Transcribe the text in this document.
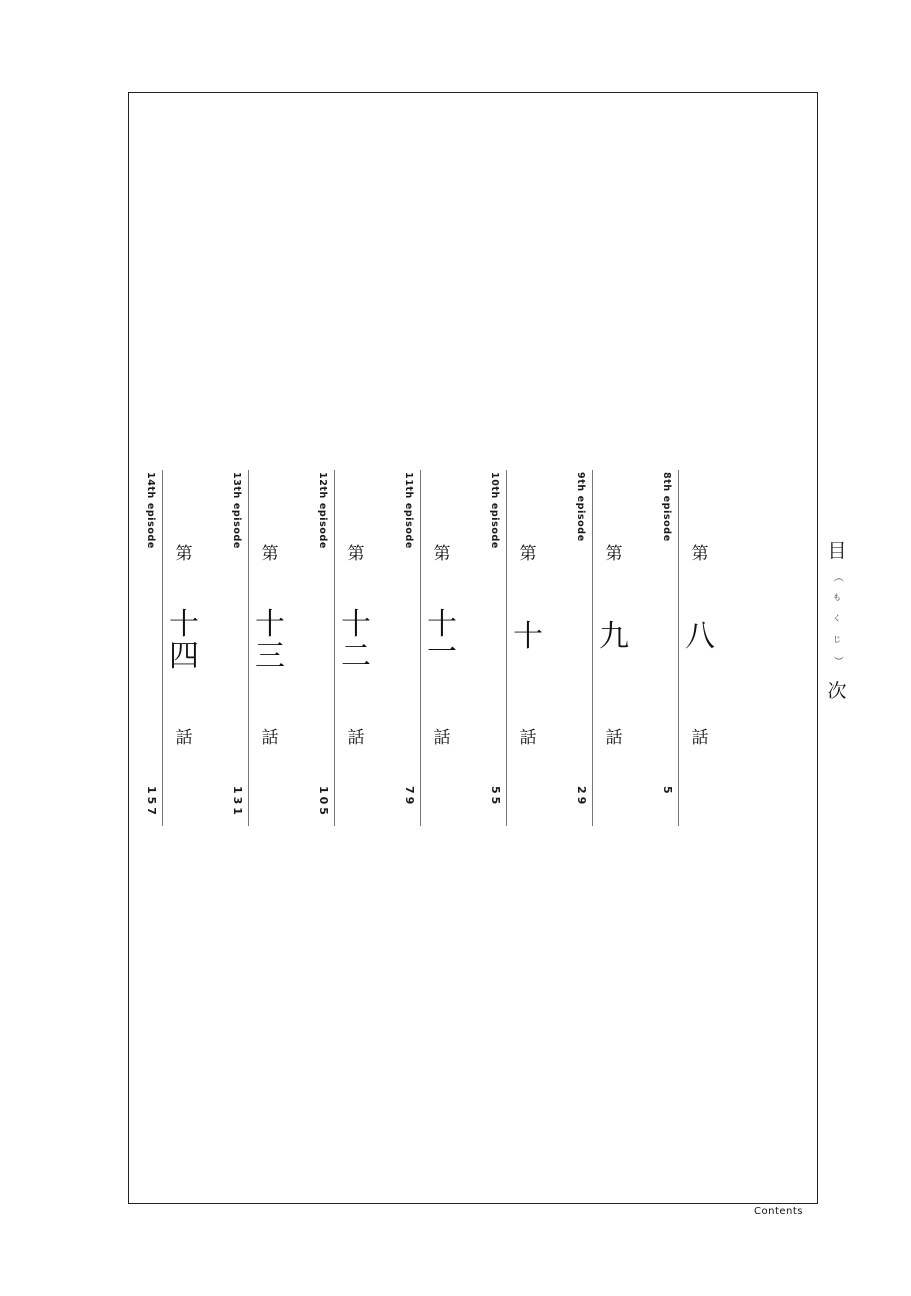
目
（
も
く
じ
）
次
8th episode
第
八
話
5
9th episode
第
九
話
29
10th episode
第
十
話
55
11th episode
第
十
一
話
79
12th episode
第
十
二
話
105
13th episode
第
十
三
話
131
14th episode
第
十
四
話
157
Contents
